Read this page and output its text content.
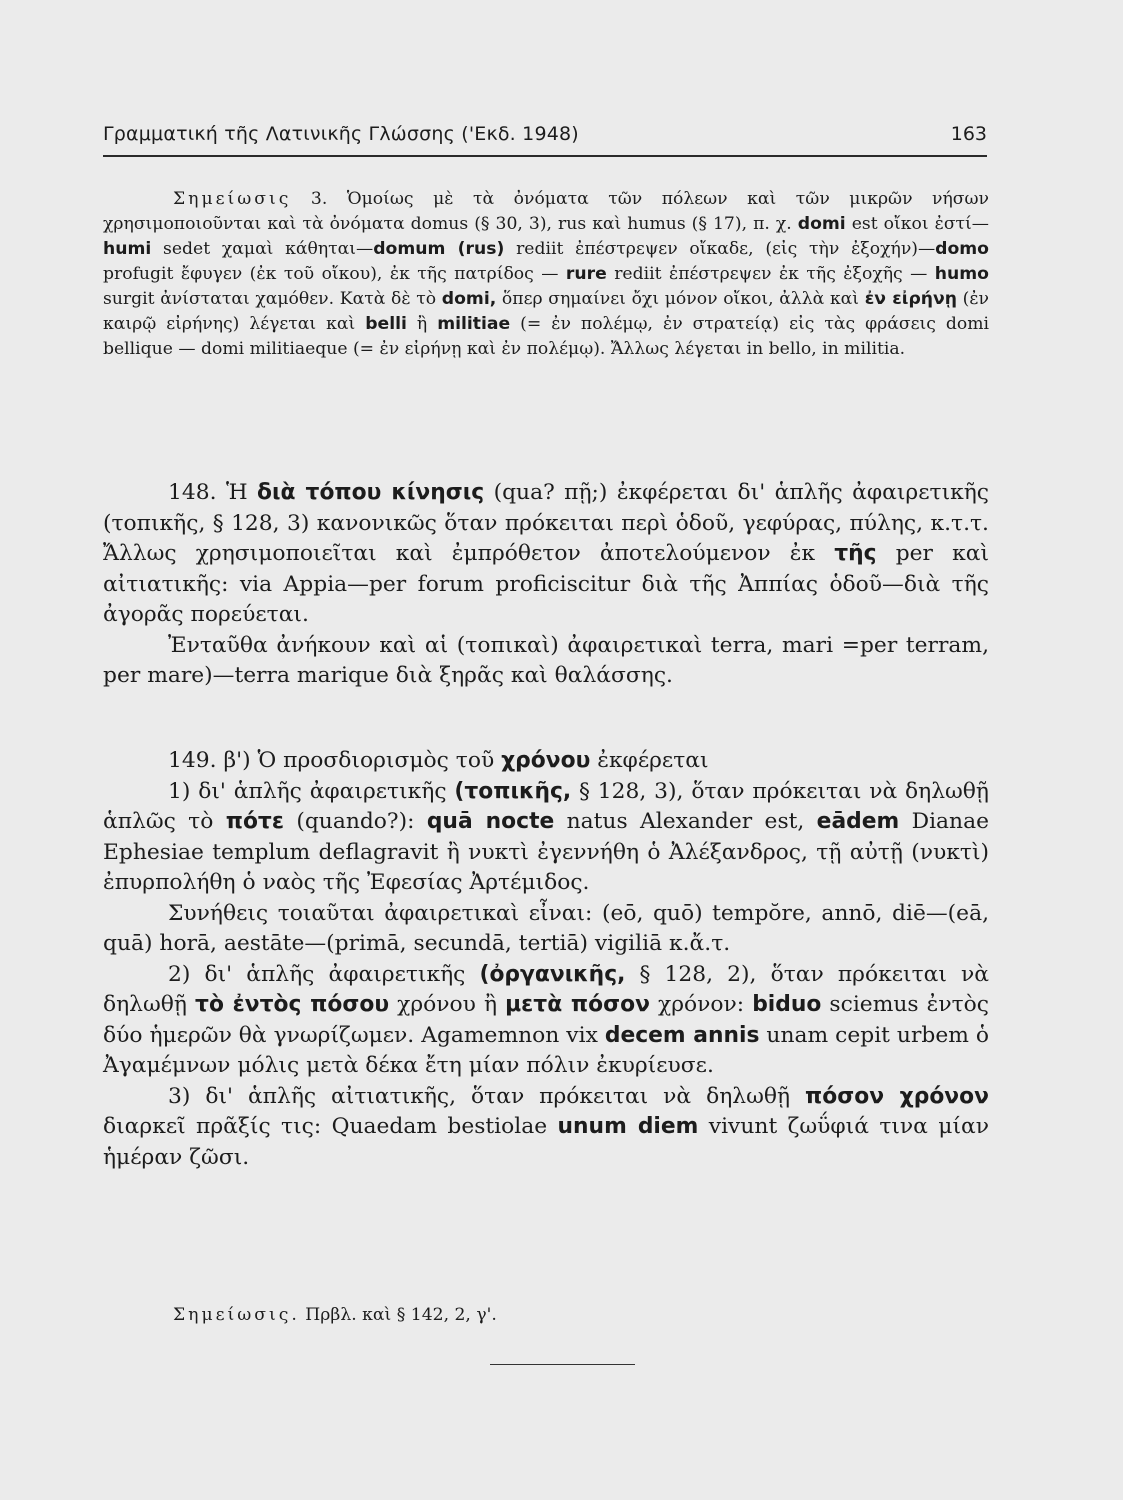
Γραμματική τῆς Λατινικῆς Γλώσσης ('Εκδ. 1948)	163
Σημείωσις 3. Ὁμοίως μὲ τὰ ὀνόματα τῶν πόλεων καὶ τῶν μικρῶν νήσων χρησιμοποιοῦνται καὶ τὰ ὀνόματα domus (§ 30, 3), rus καὶ humus (§ 17), π. χ. domi est οἴκοι ἐστί—humi sedet χαμαὶ κάθηται—domum (rus) rediit ἐπέστρεψεν οἴκαδε, (εἰς τὴν ἐξοχήν)—domo profugit ἔφυγεν (ἐκ τοῦ οἴκου), ἐκ τῆς πατρίδος — rure rediit ἐπέστρεψεν ἐκ τῆς ἐξοχῆς — humo surgit ἀνίσταται χαμόθεν. Κατὰ δὲ τὸ domi, ὅπερ σημαίνει ὄχι μόνον οἴκοι, ἀλλὰ καὶ ἐν εἰρήνῃ (ἐν καιρῷ εἰρήνης) λέγεται καὶ belli ἢ militiae (= ἐν πολέμῳ, ἐν στρατείᾳ) εἰς τὰς φράσεις domi bellique — domi militiaeque (= ἐν εἰρήνῃ καὶ ἐν πολέμῳ). Ἄλλως λέγεται in bello, in militia.

148. Ἡ διὰ τόπου κίνησις (qua? πῇ;) ἐκφέρεται δι' ἁπλῆς ἀφαιρετικῆς (τοπικῆς, § 128, 3) κανονικῶς ὅταν πρόκειται περὶ ὁδοῦ, γεφύρας, πύλης, κ.τ.τ. Ἄλλως χρησιμοποιεῖται καὶ ἐμπρόθετον ἀποτελούμενον ἐκ τῆς per καὶ αἰτιατικῆς: via Appia—per forum proficiscitur διὰ τῆς Ἀππίας ὁδοῦ—διὰ τῆς ἀγορᾶς πορεύεται.

Ἐνταῦθα ἀνήκουν καὶ αἱ (τοπικαὶ) ἀφαιρετικαὶ terra, mari =per terram, per mare)—terra marique διὰ ξηρᾶς καὶ θαλάσσης.

149. β') Ὁ προσδιορισμὸς τοῦ χρόνου ἐκφέρεται

1) δι' ἁπλῆς ἀφαιρετικῆς (τοπικῆς, § 128, 3), ὅταν πρόκειται νὰ δηλωθῇ ἁπλῶς τὸ πότε (quando?): quā nocte natus Alexander est, eādem Dianae Ephesiae templum deflagravit ἢ νυκτὶ ἐγεννήθη ὁ Ἀλέξανδρος, τῇ αὐτῇ (νυκτὶ) ἐπυρπολήθη ὁ ναὸς τῆς Ἐφεσίας Ἀρτέμιδος.

Συνήθεις τοιαῦται ἀφαιρετικαὶ εἶναι: (eō, quō) tempŏre, annō, diē—(eā, quā) horā, aestāte—(primā, secundā, tertiā) vigiliā κ.ἄ.τ.

2) δι' ἁπλῆς ἀφαιρετικῆς (ὀργανικῆς, § 128, 2), ὅταν πρόκειται νὰ δηλωθῇ τὸ ἐντὸς πόσου χρόνου ἢ μετὰ πόσον χρόνον: biduo sciemus ἐντὸς δύο ἡμερῶν θὰ γνωρίζωμεν. Agamemnon vix decem annis unam cepit urbem ὁ Ἀγαμέμνων μόλις μετὰ δέκα ἔτη μίαν πόλιν ἐκυρίευσε.

3) δι' ἁπλῆς αἰτιατικῆς, ὅταν πρόκειται νὰ δηλωθῇ πόσον χρόνον διαρκεῖ πρᾶξίς τις: Quaedam bestiolae unum diem vivunt ζωΰφιά τινα μίαν ἡμέραν ζῶσι.

Σημείωσις. Πρβλ. καὶ § 142, 2, γ'.
